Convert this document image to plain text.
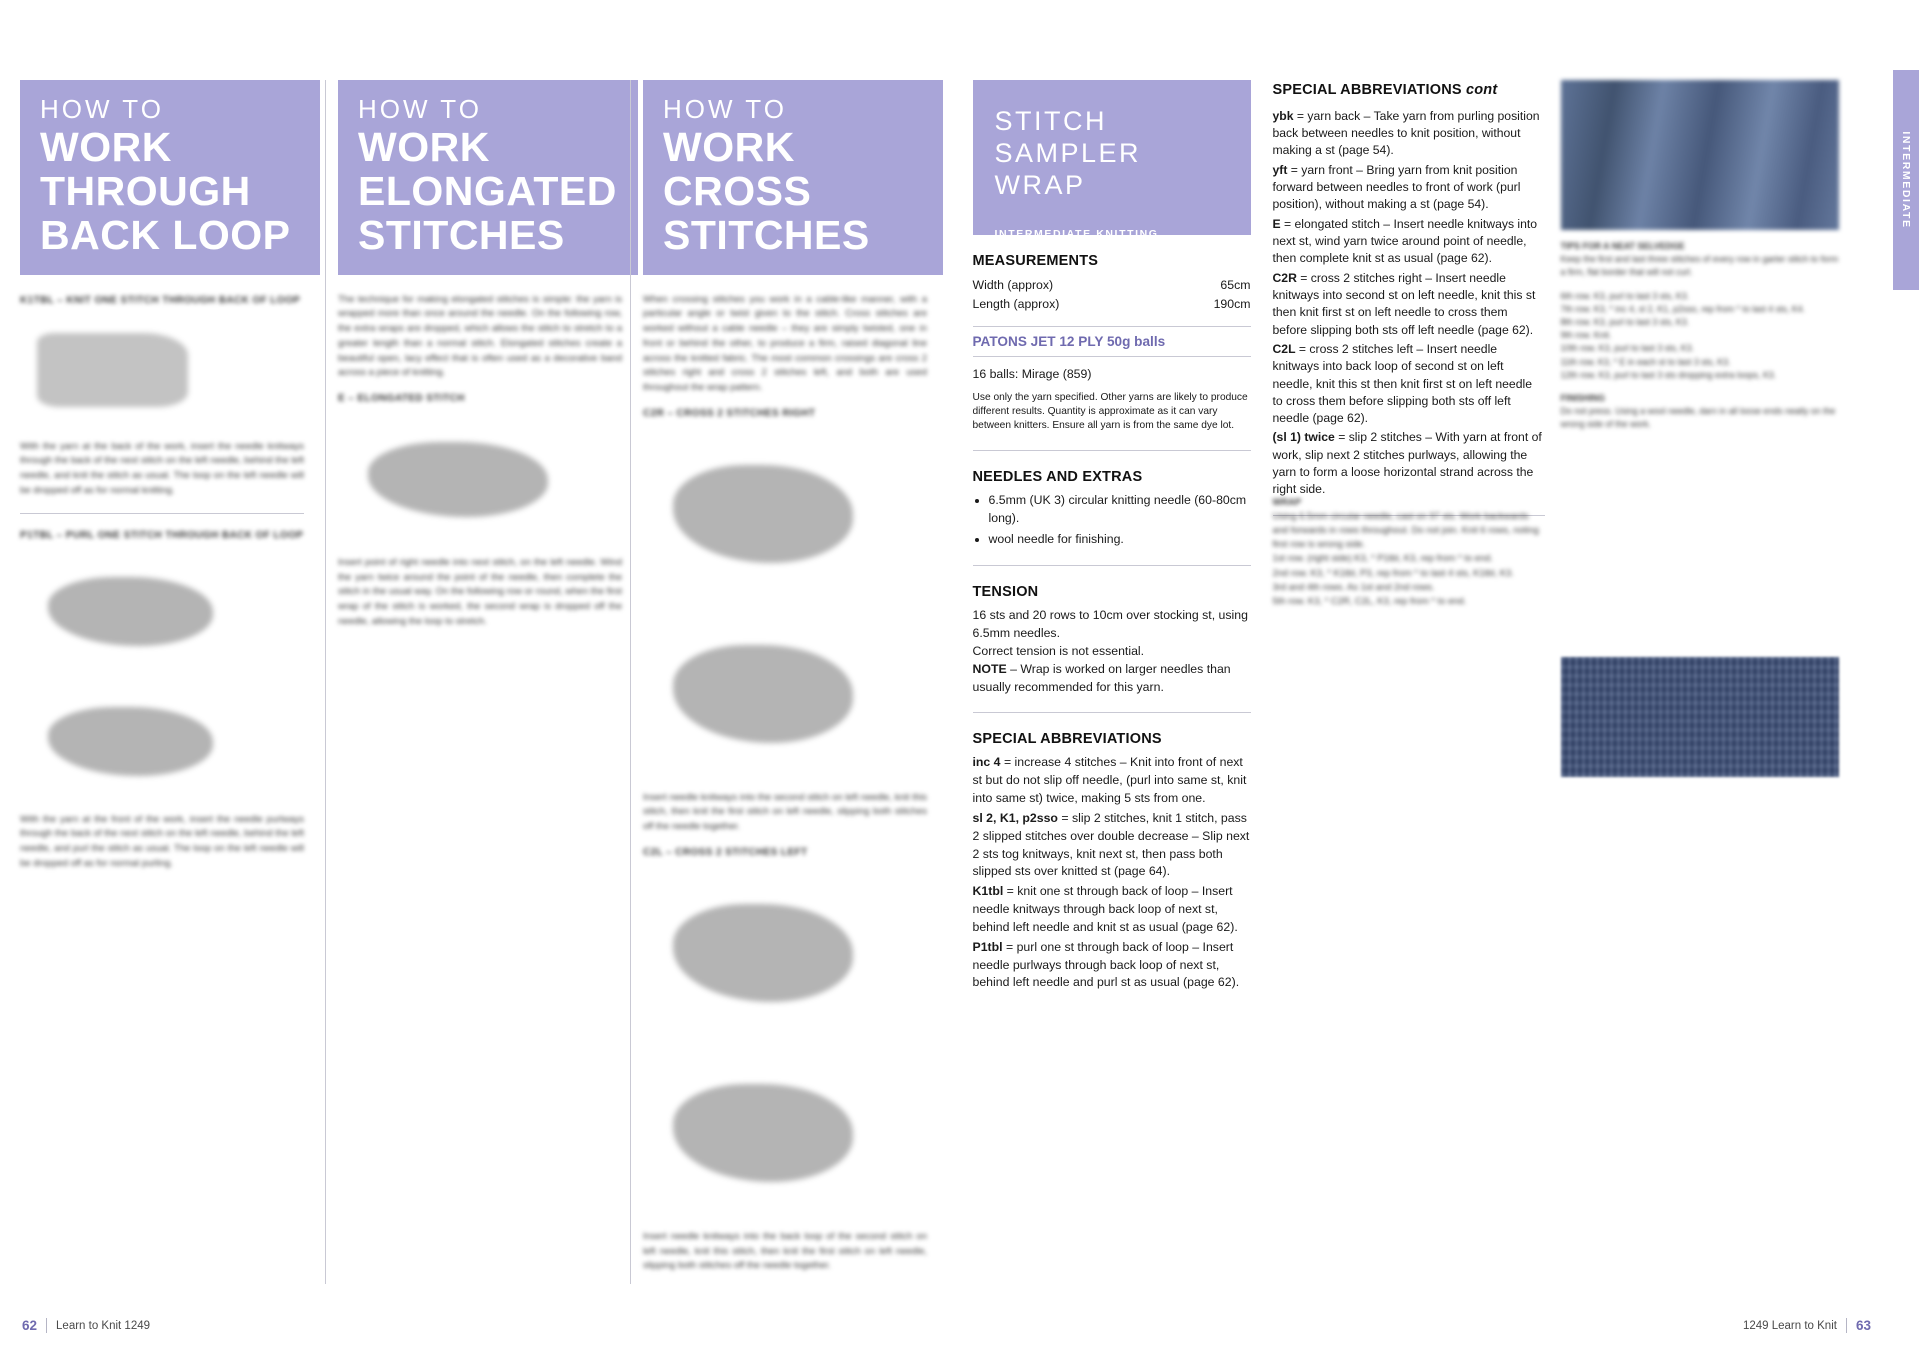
HOW TO
WORK
THROUGH
BACK LOOP
K1TBL – KNIT ONE STITCH THROUGH BACK OF LOOP
With the yarn at the back of the work, insert the needle knitways through the back of the next stitch on the left needle, behind the left needle, and knit the stitch as usual. The loop on the left needle will be dropped off as for normal knitting.
P1TBL – PURL ONE STITCH THROUGH BACK OF LOOP
With the yarn at the front of the work, insert the needle purlways through the back of the next stitch on the left needle, behind the left needle, and purl the stitch as usual. The loop on the left needle will be dropped off as for normal purling.
HOW TO
WORK
ELONGATED
STITCHES
The technique for making elongated stitches is simple: the yarn is wrapped more than once around the needle. On the following row, the extra wraps are dropped, which allows the stitch to stretch to a greater length than a normal stitch. Elongated stitches create a beautiful open, lacy effect that is often used as a decorative band across a piece of knitting.
E – ELONGATED STITCH
Insert point of right needle into next stitch, on the left needle. Wind the yarn twice around the point of the needle, then complete the stitch in the usual way. On the following row or round, when the first wrap of the stitch is worked, the second wrap is dropped off the needle, allowing the loop to stretch.
HOW TO
WORK
CROSS
STITCHES
When crossing stitches you work in a cable-like manner, with a particular angle or twist given to the stitch. Cross stitches are worked without a cable needle – they are simply twisted, one in front or behind the other, to produce a firm, raised diagonal line across the knitted fabric. The most common crossings are cross 2 stitches right and cross 2 stitches left, and both are used throughout the wrap pattern.
C2R – CROSS 2 STITCHES RIGHT
Insert needle knitways into the second stitch on left needle, knit this stitch, then knit the first stitch on left needle, slipping both stitches off the needle together.
C2L – CROSS 2 STITCHES LEFT
Insert needle knitways into the back loop of the second stitch on left needle, knit this stitch, then knit the first stitch on left needle, slipping both stitches off the needle together.
62 Learn to Knit 1249
STITCH SAMPLER WRAP
INTERMEDIATE KNITTING
MEASUREMENTS
Width (approx)	65cm
Length (approx)	190cm
PATONS JET 12 PLY 50g balls
16 balls: Mirage (859)
Use only the yarn specified. Other yarns are likely to produce different results. Quantity is approximate as it can vary between knitters. Ensure all yarn is from the same dye lot.
NEEDLES AND EXTRAS
• 6.5mm (UK 3) circular knitting needle (60-80cm long).
• wool needle for finishing.
TENSION
16 sts and 20 rows to 10cm over stocking st, using 6.5mm needles.
Correct tension is not essential.
NOTE – Wrap is worked on larger needles than usually recommended for this yarn.
SPECIAL ABBREVIATIONS
inc 4 = increase 4 stitches – Knit into front of next st but do not slip off needle, (purl into same st, knit into same st) twice, making 5 sts from one.
sl 2, K1, p2sso = slip 2 stitches, knit 1 stitch, pass 2 slipped stitches over double decrease – Slip next 2 sts tog knitways, knit next st, then pass both slipped sts over knitted st (page 64).
K1tbl = knit one st through back of loop – Insert needle knitways through back loop of next st, behind left needle and knit st as usual (page 62).
P1tbl = purl one st through back of loop – Insert needle purlways through back loop of next st, behind left needle and purl st as usual (page 62).
SPECIAL ABBREVIATIONS cont
ybk = yarn back – Take yarn from purling position back between needles to knit position, without making a st (page 54).
yft = yarn front – Bring yarn from knit position forward between needles to front of work (purl position), without making a st (page 54).
E = elongated stitch – Insert needle knitways into next st, wind yarn twice around point of needle, then complete knit st as usual (page 62).
C2R = cross 2 stitches right – Insert needle knitways into second st on left needle, knit this st then knit first st on left needle to cross them before slipping both sts off left needle (page 62).
C2L = cross 2 stitches left – Insert needle knitways into back loop of second st on left needle, knit this st then knit first st on left needle to cross them before slipping both sts off left needle (page 62).
(sl 1) twice = slip 2 stitches – With yarn at front of work, slip next 2 stitches purlways, allowing the yarn to form a loose horizontal strand across the right side.
WRAP
Using 6.5mm circular needle, cast on 97 sts. Work backwards and forwards in rows throughout. Do not join. Knit 6 rows, noting first row is wrong side.
1st row. (right side) K3, * P1tbl, K3, rep from * to end.
2nd row. K3, * K1tbl, P3, rep from * to last 4 sts, K1tbl, K3.
3rd and 4th rows. As 1st and 2nd rows.
5th row. K3, * C2R, C2L, K3, rep from * to end.
TIPS FOR A NEAT SELVEDGE
Keep the first and last three stitches of every row in garter stitch to form a firm, flat border that will not curl.
6th row. K3, purl to last 3 sts, K3.
7th row. K3, * inc 4, sl 2, K1, p2sso, rep from * to last 4 sts, K4.
8th row. K3, purl to last 3 sts, K3.
9th row. Knit.
10th row. K3, purl to last 3 sts, K3.
11th row. K3, * E in each st to last 3 sts, K3.
12th row. K3, purl to last 3 sts dropping extra loops, K3.
FINISHING
Do not press. Using a wool needle, darn in all loose ends neatly on the wrong side of the work.
INTERMEDIATE
1249 Learn to Knit 63
